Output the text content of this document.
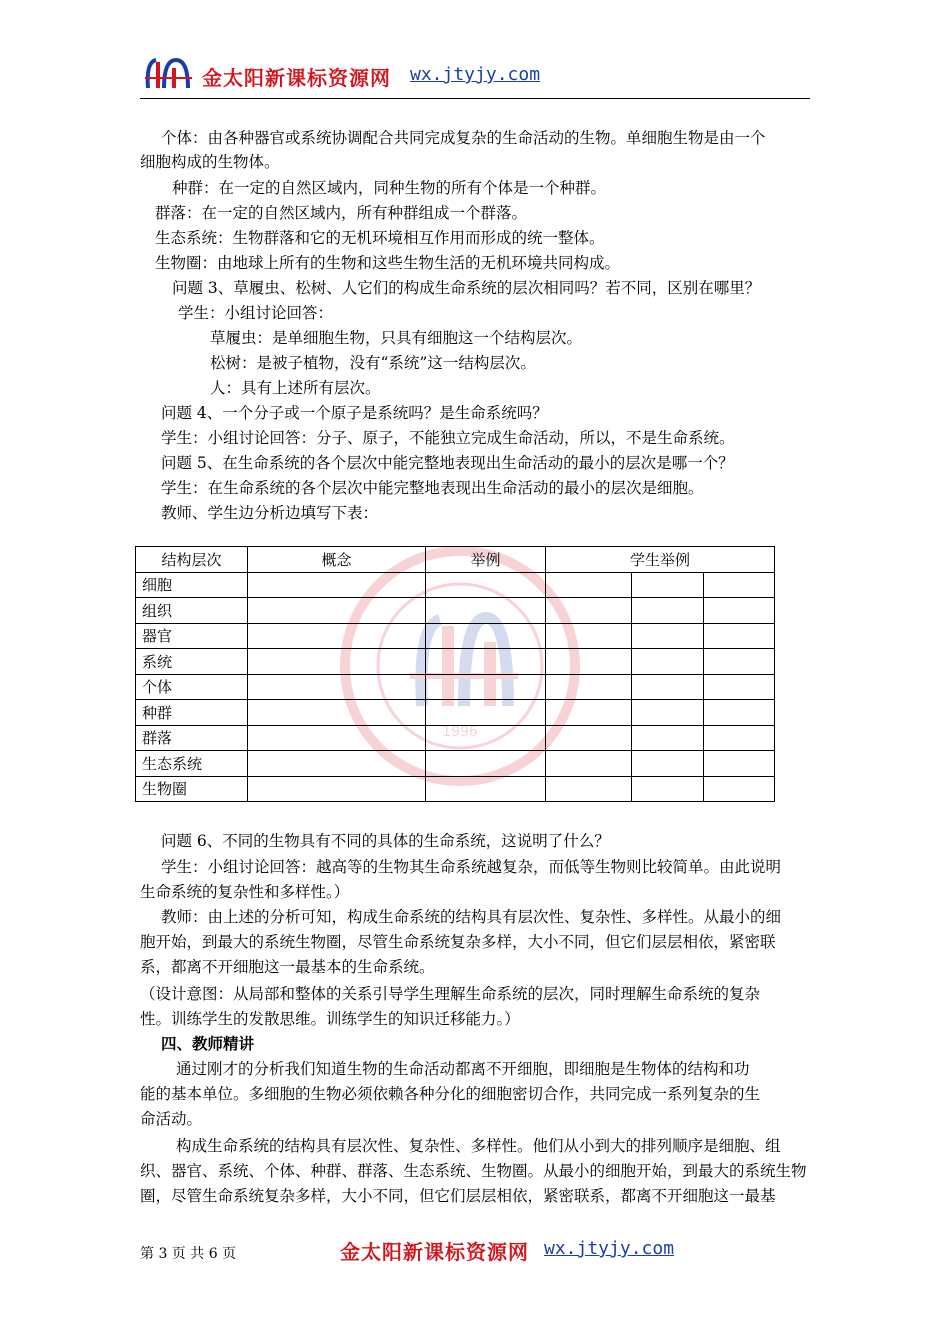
金太阳新课标资源网 wx.jtyjy.com
个体：由各种器官或系统协调配合共同完成复杂的生命活动的生物。单细胞生物是由一个
细胞构成的生物体。
种群：在一定的自然区域内，同种生物的所有个体是一个种群。
群落：在一定的自然区域内，所有种群组成一个群落。
生态系统：生物群落和它的无机环境相互作用而形成的统一整体。
生物圈：由地球上所有的生物和这些生物生活的无机环境共同构成。
问题 3、草履虫、松树、人它们的构成生命系统的层次相同吗？若不同，区别在哪里？
学生：小组讨论回答：
草履虫：是单细胞生物，只具有细胞这一个结构层次。
松树：是被子植物，没有“系统”这一结构层次。
人：具有上述所有层次。
问题 4、一个分子或一个原子是系统吗？是生命系统吗？
学生：小组讨论回答：分子、原子，不能独立完成生命活动，所以，不是生命系统。
问题 5、在生命系统的各个层次中能完整地表现出生命活动的最小的层次是哪一个？
学生：在生命系统的各个层次中能完整地表现出生命活动的最小的层次是细胞。
教师、学生边分析边填写下表：
1996
结构层次	概念	举例	学生举例		
细胞					
组织					
器官					
系统					
个体					
种群					
群落					
生态系统					
生物圈					
问题 6、不同的生物具有不同的具体的生命系统，这说明了什么？
学生：小组讨论回答：越高等的生物其生命系统越复杂，而低等生物则比较简单。由此说明
生命系统的复杂性和多样性。）
教师：由上述的分析可知，构成生命系统的结构具有层次性、复杂性、多样性。从最小的细
胞开始，到最大的系统生物圈，尽管生命系统复杂多样，大小不同，但它们层层相依，紧密联
系，都离不开细胞这一最基本的生命系统。
（设计意图：从局部和整体的关系引导学生理解生命系统的层次，同时理解生命系统的复杂
性。训练学生的发散思维。训练学生的知识迁移能力。）
四、教师精讲
通过刚才的分析我们知道生物的生命活动都离不开细胞，即细胞是生物体的结构和功
能的基本单位。多细胞的生物必须依赖各种分化的细胞密切合作，共同完成一系列复杂的生
命活动。
构成生命系统的结构具有层次性、复杂性、多样性。他们从小到大的排列顺序是细胞、组
织、器官、系统、个体、种群、群落、生态系统、生物圈。从最小的细胞开始，到最大的系统生物
圈，尽管生命系统复杂多样，大小不同，但它们层层相依，紧密联系，都离不开细胞这一最基
第 3 页 共 6 页	金太阳新课标资源网 wx.jtyjy.com
